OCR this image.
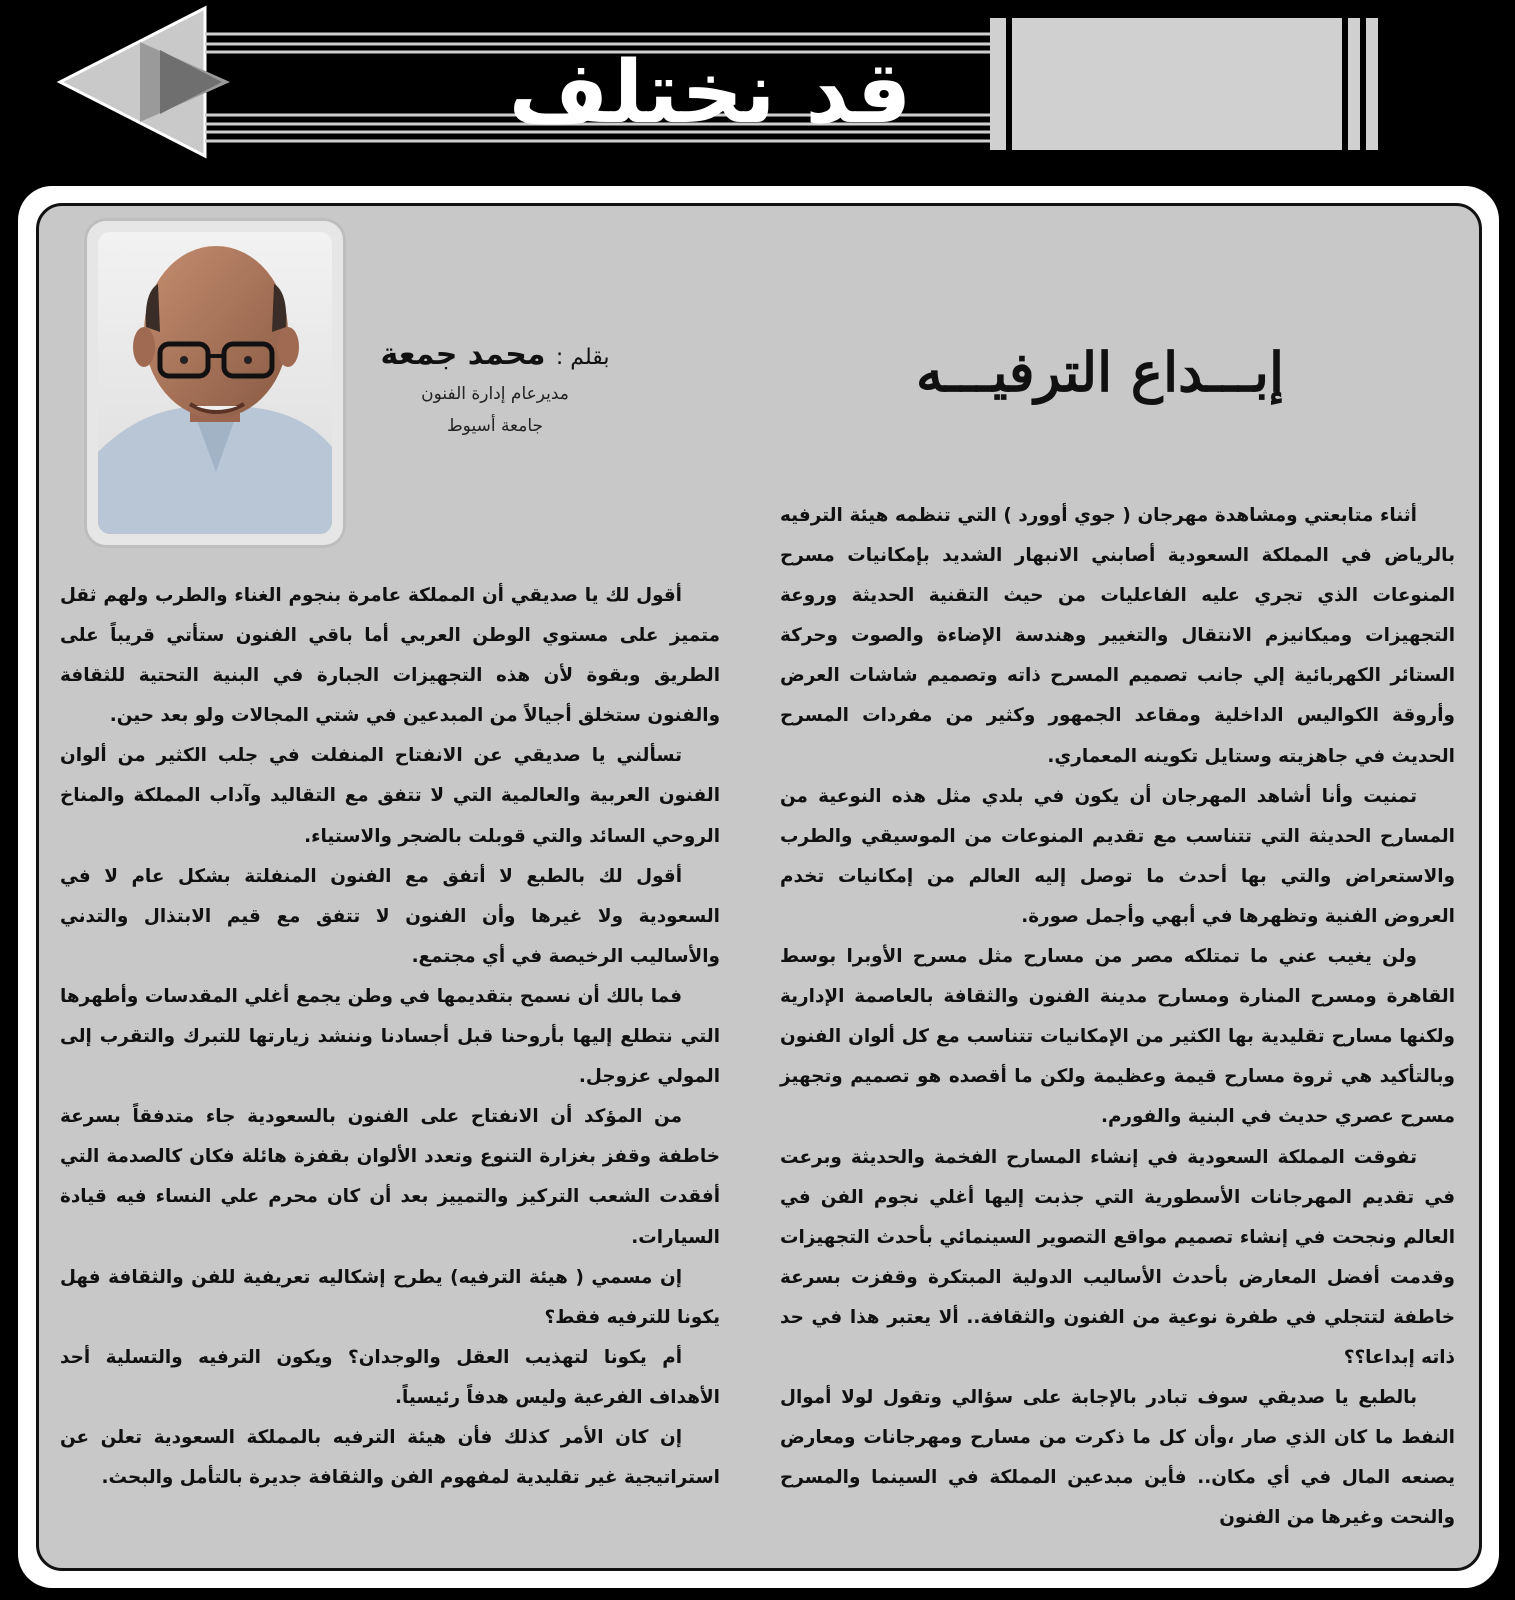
قد نختلف
بقلم : محمد جمعة
مديرعام إدارة الفنون
جامعة أسيوط
إبـــداع الترفيـــه

أثناء متابعتي ومشاهدة مهرجان ( جوي أوورد ) التي تنظمه هيئة الترفيه بالرياض في المملكة السعودية أصابني الانبهار الشديد بإمكانيات مسرح المنوعات الذي تجري عليه الفاعليات من حيث التقنية الحديثة وروعة التجهيزات وميكانيزم الانتقال والتغيير وهندسة الإضاءة والصوت وحركة الستائر الكهربائية إلي جانب تصميم المسرح ذاته وتصميم شاشات العرض وأروقة الكواليس الداخلية ومقاعد الجمهور وكثير من مفردات المسرح الحديث في جاهزيته وستايل تكوينه المعماري.

تمنيت وأنا أشاهد المهرجان أن يكون في بلدي مثل هذه النوعية من المسارح الحديثة التي تتناسب مع تقديم المنوعات من الموسيقي والطرب والاستعراض والتي بها أحدث ما توصل إليه العالم من إمكانيات تخدم العروض الفنية وتظهرها في أبهي وأجمل صورة.

ولن يغيب عني ما تمتلكه مصر من مسارح مثل مسرح الأوبرا بوسط القاهرة ومسرح المنارة ومسارح مدينة الفنون والثقافة بالعاصمة الإدارية ولكنها مسارح تقليدية بها الكثير من الإمكانيات تتناسب مع كل ألوان الفنون وبالتأكيد هي ثروة مسارح قيمة وعظيمة ولكن ما أقصده هو تصميم وتجهيز مسرح عصري حديث في البنية والفورم.

تفوقت المملكة السعودية في إنشاء المسارح الفخمة والحديثة وبرعت في تقديم المهرجانات الأسطورية التي جذبت إليها أغلي نجوم الفن في العالم ونجحت في إنشاء تصميم مواقع التصوير السينمائي بأحدث التجهيزات وقدمت أفضل المعارض بأحدث الأساليب الدولية المبتكرة وقفزت بسرعة خاطفة لتتجلي في طفرة نوعية من الفنون والثقافة.. ألا يعتبر هذا في حد ذاته إبداعا؟؟

بالطبع يا صديقي سوف تبادر بالإجابة على سؤالي وتقول لولا أموال النفط ما كان الذي صار ،وأن كل ما ذكرت من مسارح ومهرجانات ومعارض يصنعه المال في أي مكان.. فأين مبدعين المملكة في السينما والمسرح والنحت وغيرها من الفنون

أقول لك يا صديقي أن المملكة عامرة بنجوم الغناء والطرب ولهم ثقل متميز على مستوي الوطن العربي أما باقي الفنون ستأتي قريباً على الطريق وبقوة لأن هذه التجهيزات الجبارة في البنية التحتية للثقافة والفنون ستخلق أجيالاً من المبدعين في شتي المجالات ولو بعد حين.

تسألني يا صديقي عن الانفتاح المنفلت في جلب الكثير من ألوان الفنون العربية والعالمية التي لا تتفق مع التقاليد وآداب المملكة والمناخ الروحي السائد والتي قوبلت بالضجر والاستياء.

أقول لك بالطبع لا أتفق مع الفنون المنفلتة بشكل عام لا في السعودية ولا غيرها وأن الفنون لا تتفق مع قيم الابتذال والتدني والأساليب الرخيصة في أي مجتمع.

فما بالك أن نسمح بتقديمها في وطن يجمع أغلي المقدسات وأطهرها التي نتطلع إليها بأروحنا قبل أجسادنا وننشد زيارتها للتبرك والتقرب إلى المولي عزوجل.

من المؤكد أن الانفتاح على الفنون بالسعودية جاء متدفقاً بسرعة خاطفة وقفز بغزارة التنوع وتعدد الألوان بقفزة هائلة فكان كالصدمة التي أفقدت الشعب التركيز والتمييز بعد أن كان محرم علي النساء فيه قيادة السيارات.

إن مسمي ( هيئة الترفيه) يطرح إشكاليه تعريفية للفن والثقافة فهل يكونا للترفيه فقط؟

أم يكونا لتهذيب العقل والوجدان؟ ويكون الترفيه والتسلية أحد الأهداف الفرعية وليس هدفاً رئيسياً.

إن كان الأمر كذلك فأن هيئة الترفيه بالمملكة السعودية تعلن عن استراتيجية غير تقليدية لمفهوم الفن والثقافة جديرة بالتأمل والبحث.
